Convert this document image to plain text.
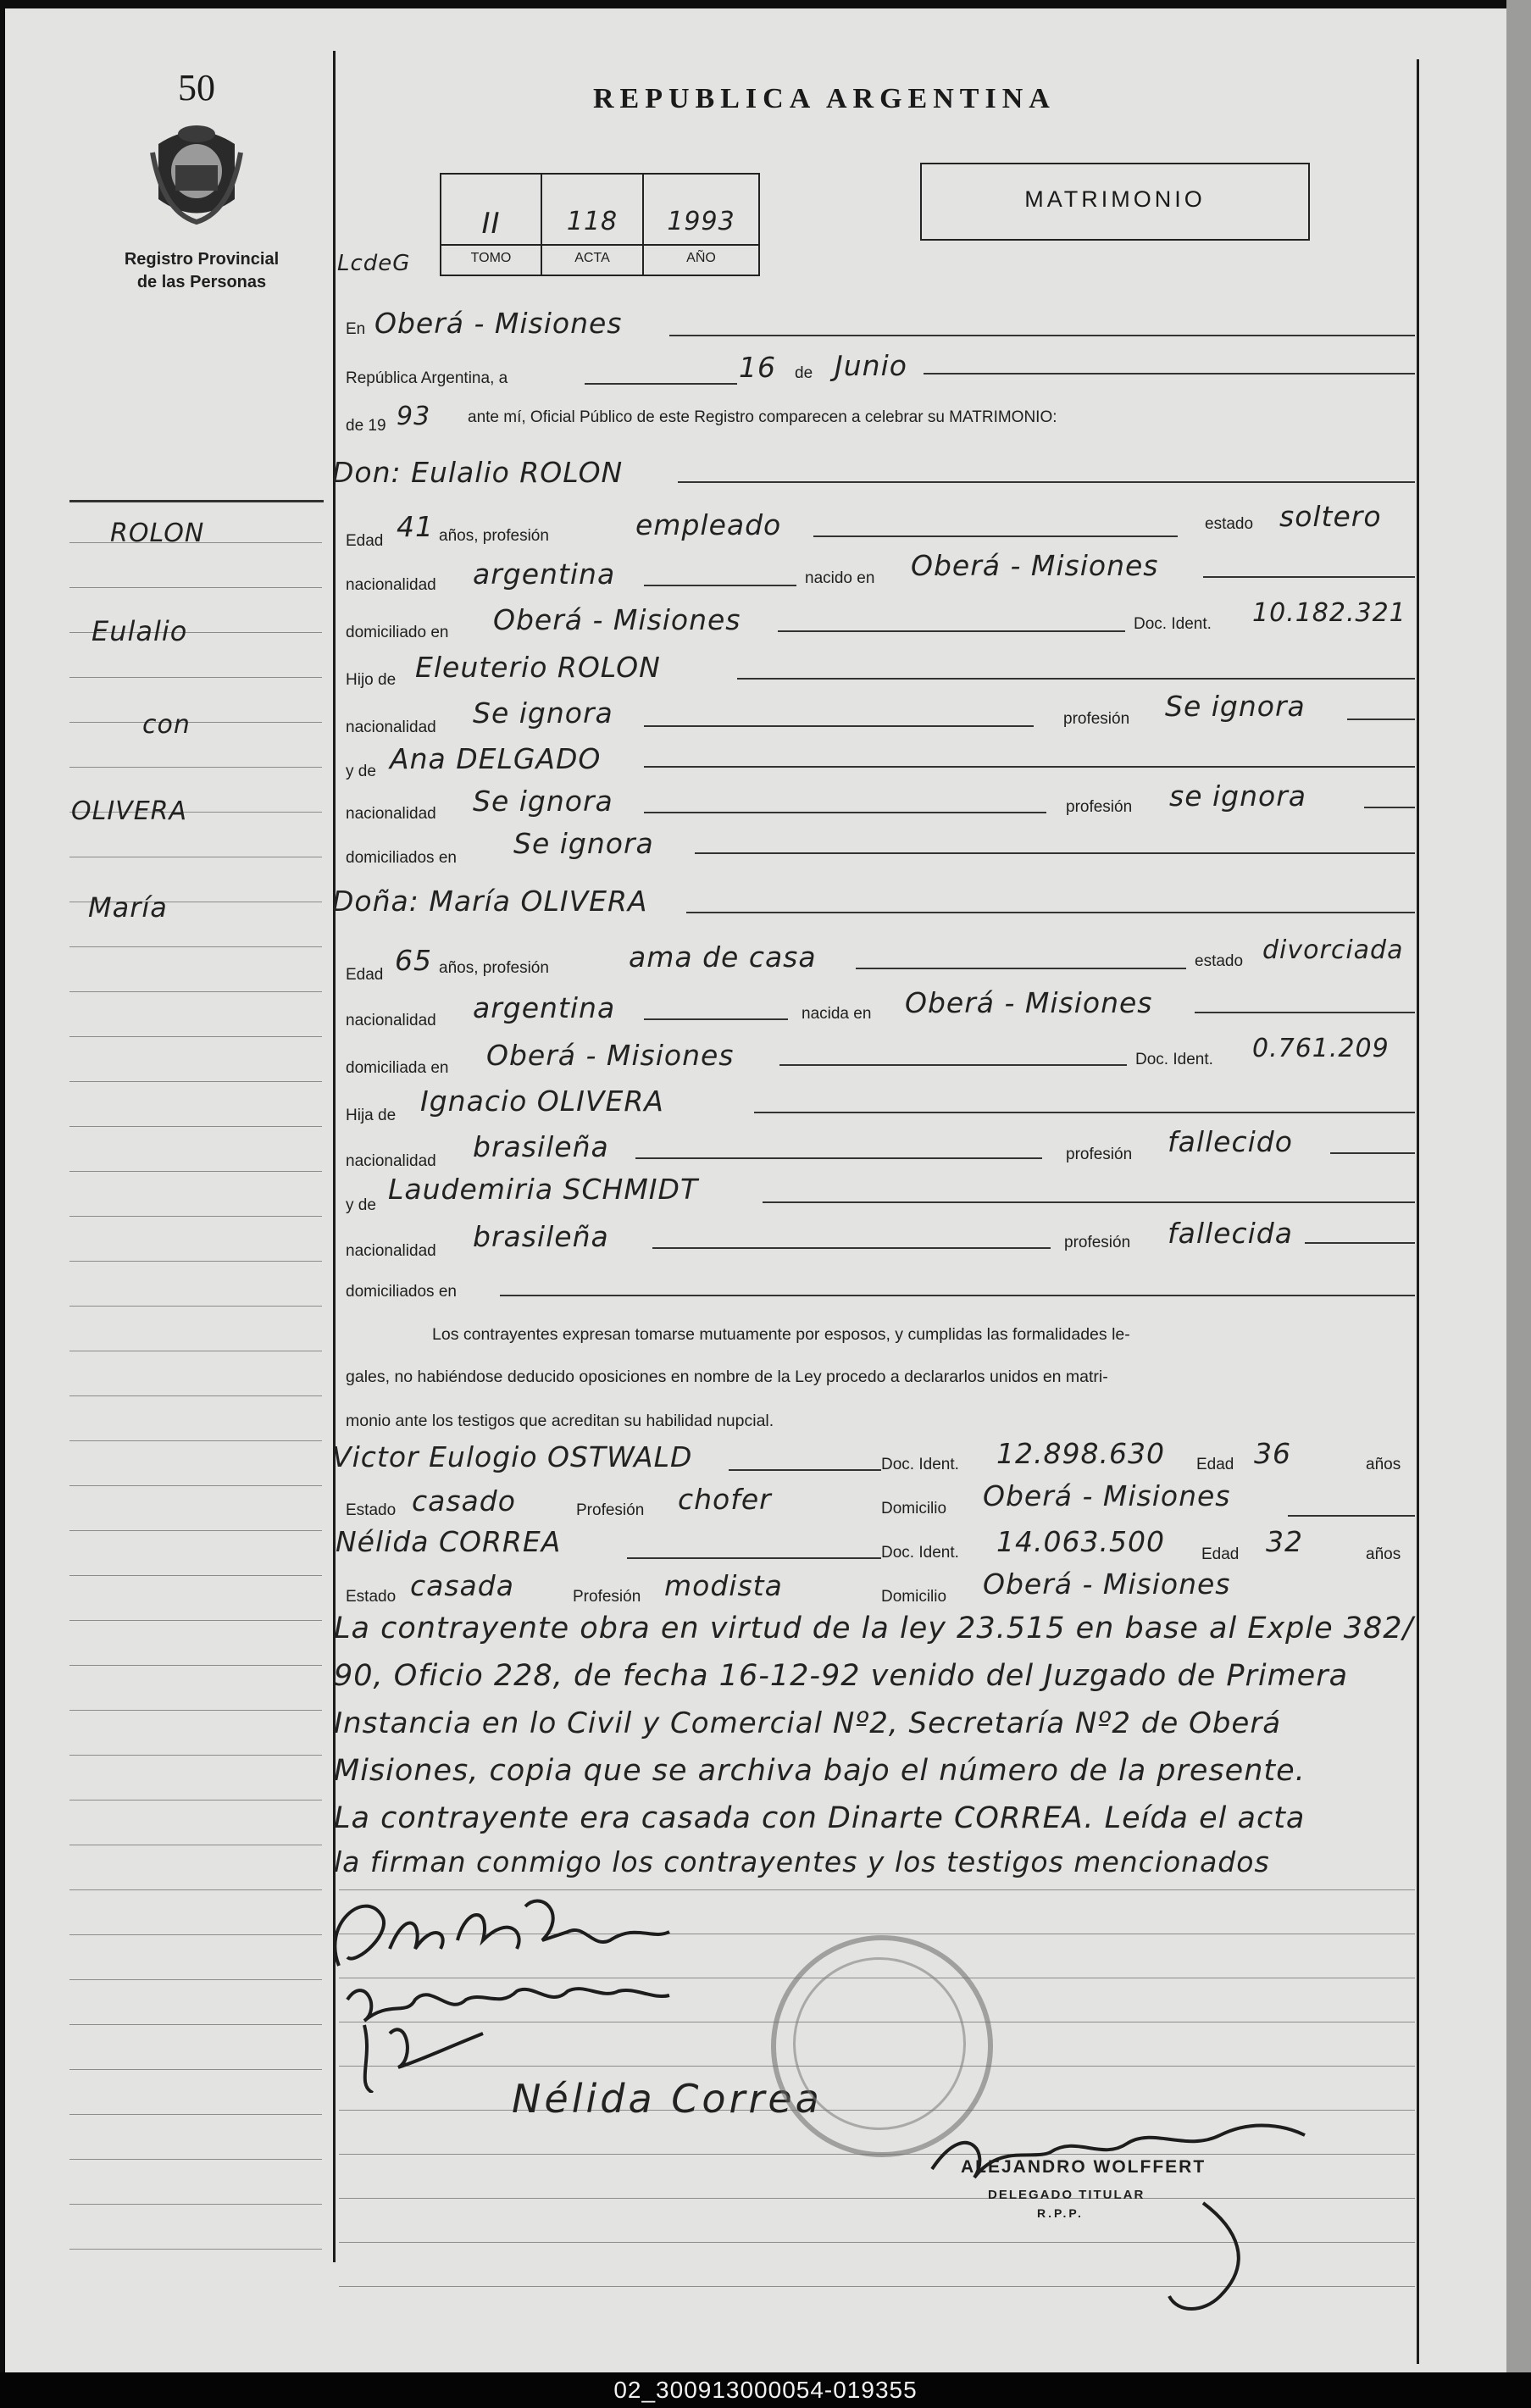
50
Registro Provincial
de las Personas
REPUBLICA ARGENTINA
MATRIMONIO
LcdeG
II	118	1993
TOMO	ACTA	AÑO
ROLON
Eulalio
con
OLIVERA
María
En Oberá - Misiones
República Argentina, a	16 de Junio
de 19 93 ante mí, Oficial Público de este Registro comparecen a celebrar su MATRIMONIO:
Don: Eulalio ROLON
Edad 41 años, profesión	empleado	estado soltero
nacionalidad argentina	nacido en Oberá - Misiones
domiciliado en Oberá - Misiones	Doc. Ident. 10.182.321
Hijo de Eleuterio ROLON
nacionalidad Se ignora	profesión Se ignora
y de Ana DELGADO
nacionalidad Se ignora	profesión se ignora
domiciliados en Se ignora
Doña: María OLIVERA
Edad 65 años, profesión	ama de casa	estado divorciada
nacionalidad argentina	nacida en Oberá - Misiones
domiciliada en Oberá - Misiones	Doc. Ident. 0.761.209
Hija de Ignacio OLIVERA
nacionalidad brasileña	profesión fallecido
y de Laudemiria SCHMIDT
nacionalidad brasileña	profesión fallecida
domiciliados en
Los contrayentes expresan tomarse mutuamente por esposos, y cumplidas las formalidades le-
gales, no habiéndose deducido oposiciones en nombre de la Ley procedo a declararlos unidos en matri-
monio ante los testigos que acreditan su habilidad nupcial.
Victor Eulogio OSTWALD	Doc. Ident. 12.898.630 Edad 36	años
Estado casado	Profesión chofer	Domicilio Oberá - Misiones
Nélida CORREA	Doc. Ident. 14.063.500 Edad 32	años
Estado casada	Profesión modista	Domicilio Oberá - Misiones
La contrayente obra en virtud de la ley 23.515 en base al Exple 382/
90, Oficio 228, de fecha 16-12-92 venido del Juzgado de Primera
Instancia en lo Civil y Comercial Nº2, Secretaría Nº2 de Oberá
Misiones, copia que se archiva bajo el número de la presente.
La contrayente era casada con Dinarte CORREA. Leída el acta
la firman conmigo los contrayentes y los testigos mencionados
Nélida Correa
ALEJANDRO WOLFFERT
DELEGADO TITULAR
R.P.P.
02_300913000054-019355
